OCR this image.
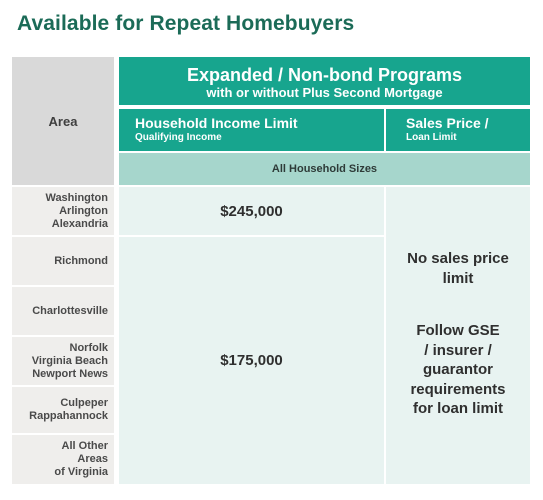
Available for Repeat Homebuyers
Area
Expanded / Non-bond Programs
with or without Plus Second Mortgage
Household Income Limit
Qualifying Income
Sales Price /
Loan Limit
All Household Sizes
Washington
Arlington
Alexandria
Richmond
Charlottesville
Norfolk
Virginia Beach
Newport News
Culpeper
Rappahannock
All Other
Areas
of Virginia
$245,000
$175,000
No sales price
limit
Follow GSE
/ insurer /
guarantor
requirements
for loan limit
